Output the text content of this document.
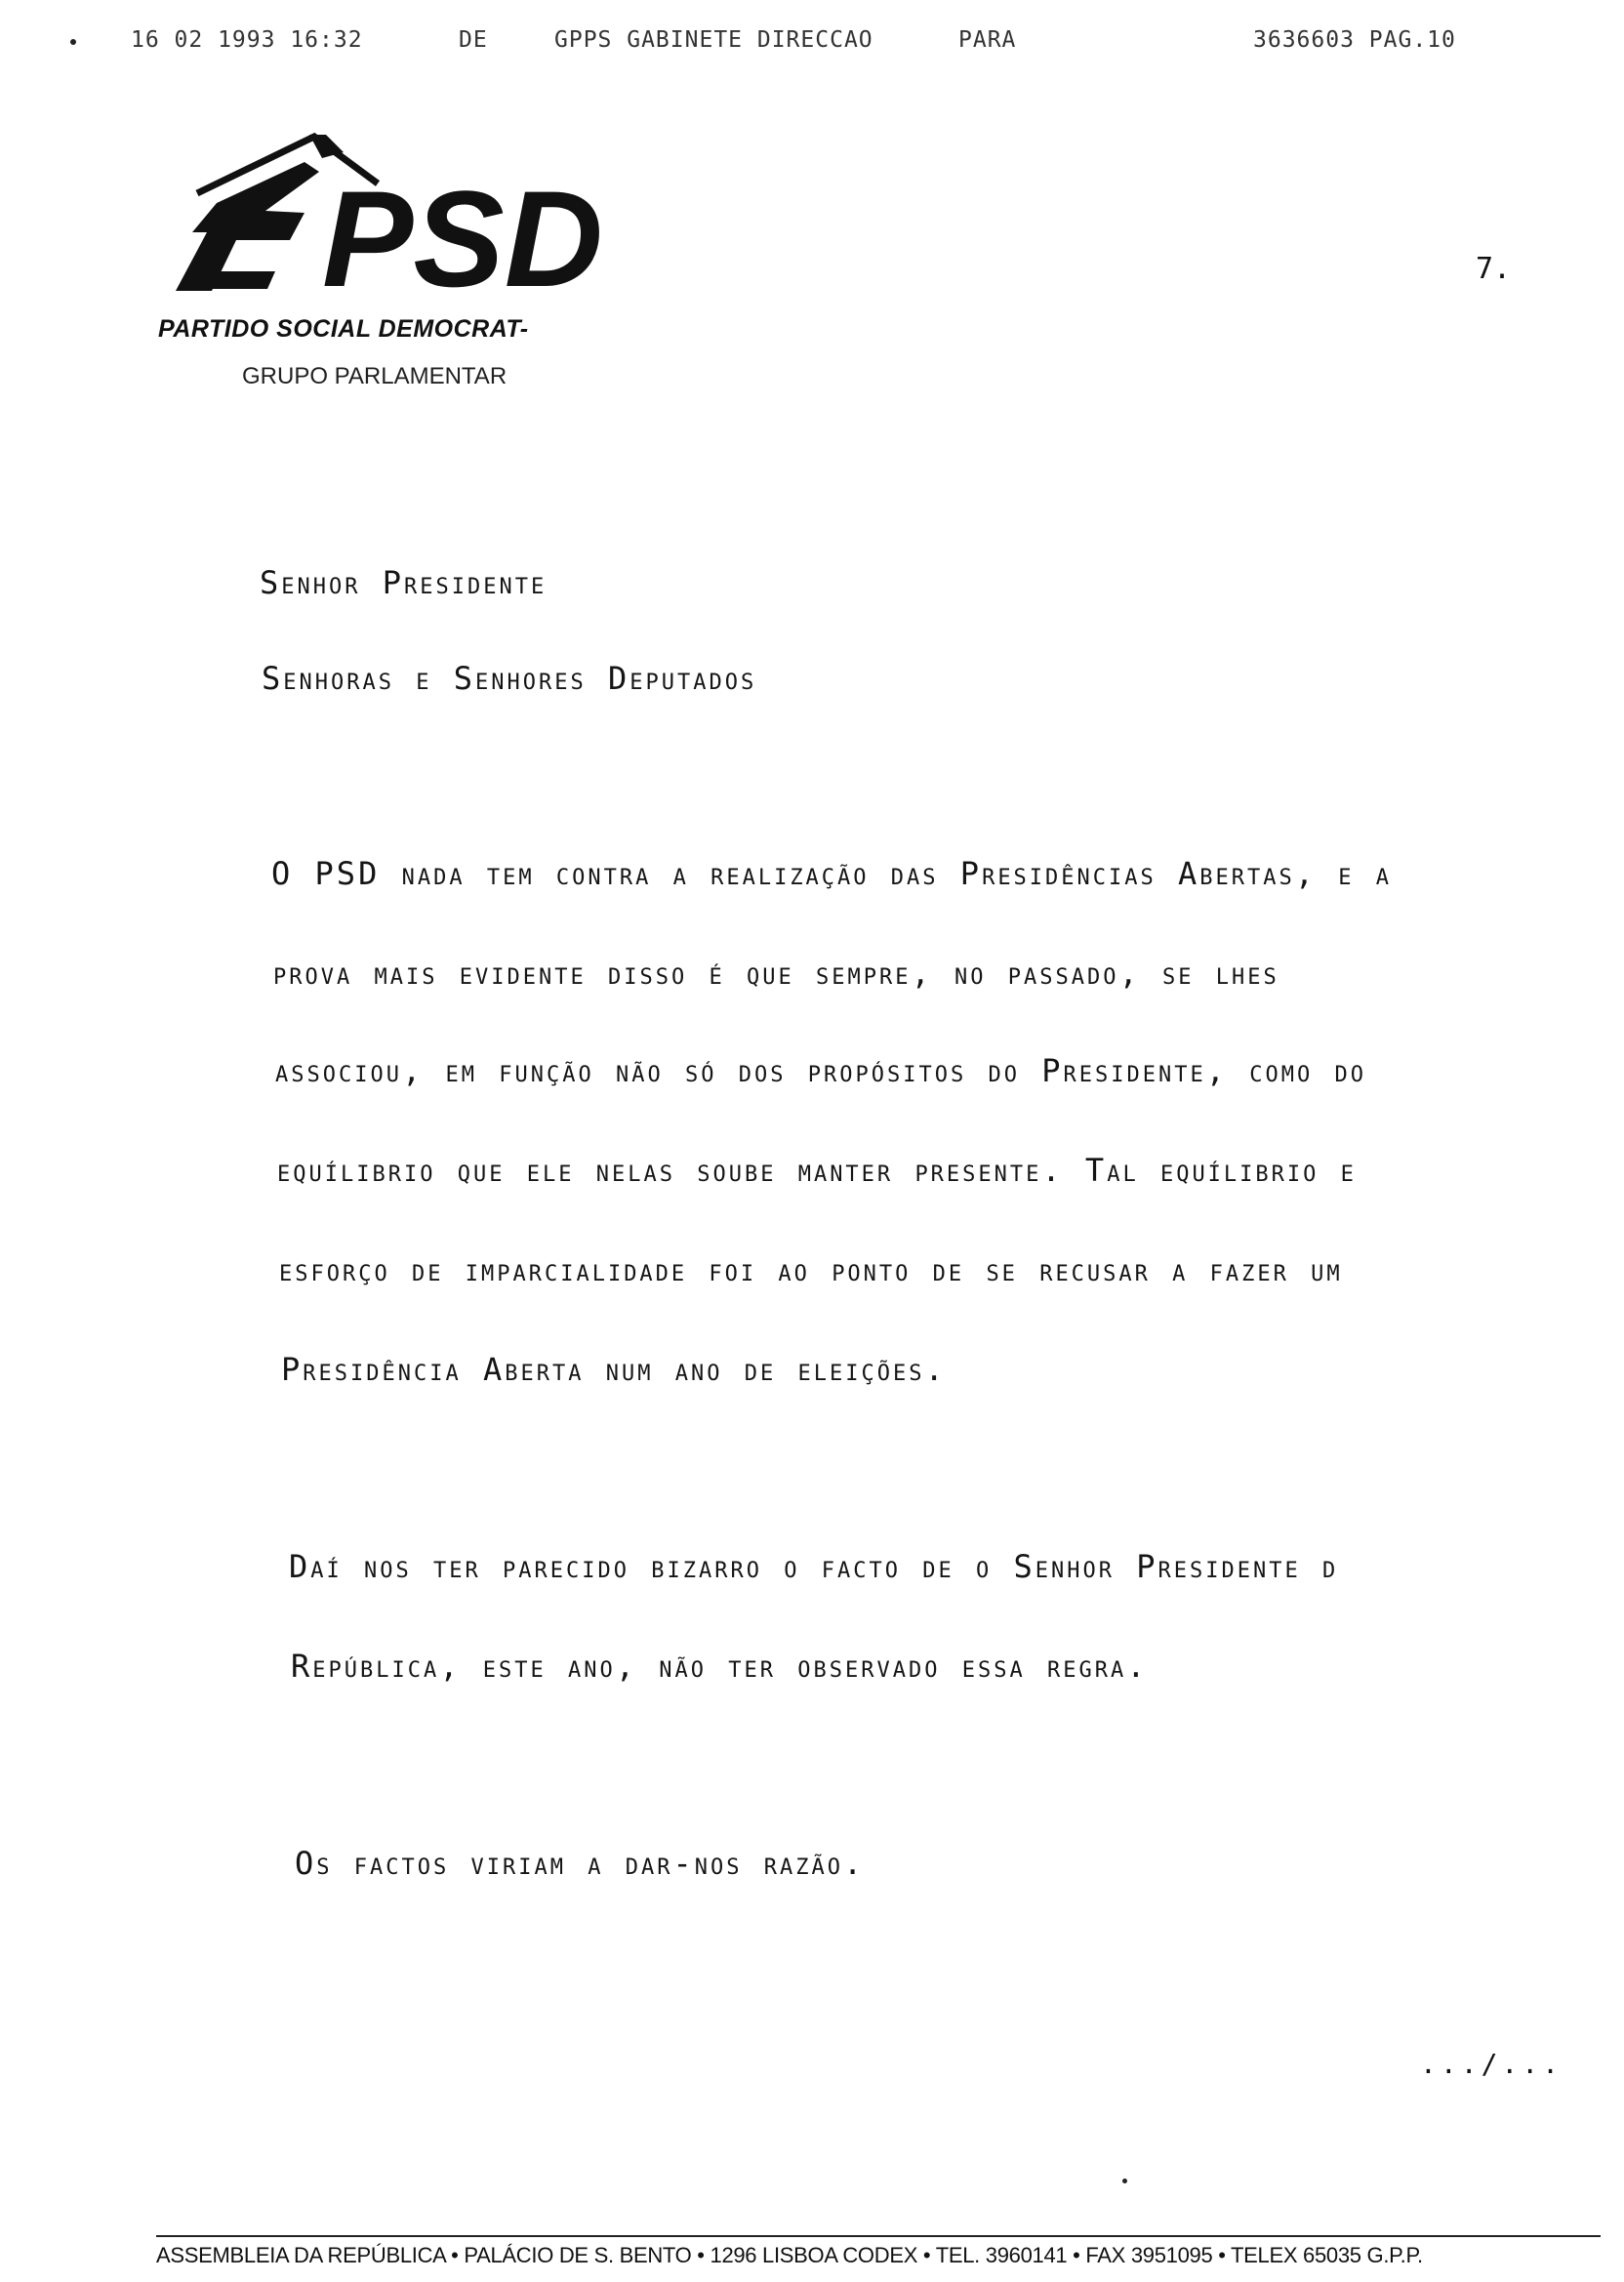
16 02 1993 16:32	DE	GPPS GABINETE DIRECCAO	PARA	3636603 PAG.10
PSD
PARTIDO SOCIAL DEMOCRAT-
GRUPO PARLAMENTAR
7.
Senhor Presidente
Senhoras e Senhores Deputados
O PSD nada tem contra a realização das Presidências Abertas, e a
prova mais evidente disso é que sempre, no passado, se lhes
associou, em função não só dos propósitos do Presidente, como do
equílibrio que ele nelas soube manter presente. Tal equílibrio e
esforço de imparcialidade foi ao ponto de se recusar a fazer um
Presidência Aberta num ano de eleições.
Daí nos ter parecido bizarro o facto de o Senhor Presidente d
República, este ano, não ter observado essa regra.
Os factos viriam a dar-nos razão.
.../...
ASSEMBLEIA DA REPÚBLICA • PALÁCIO DE S. BENTO • 1296 LISBOA CODEX • TEL. 3960141 • FAX 3951095 • TELEX 65035 G.P.P.
